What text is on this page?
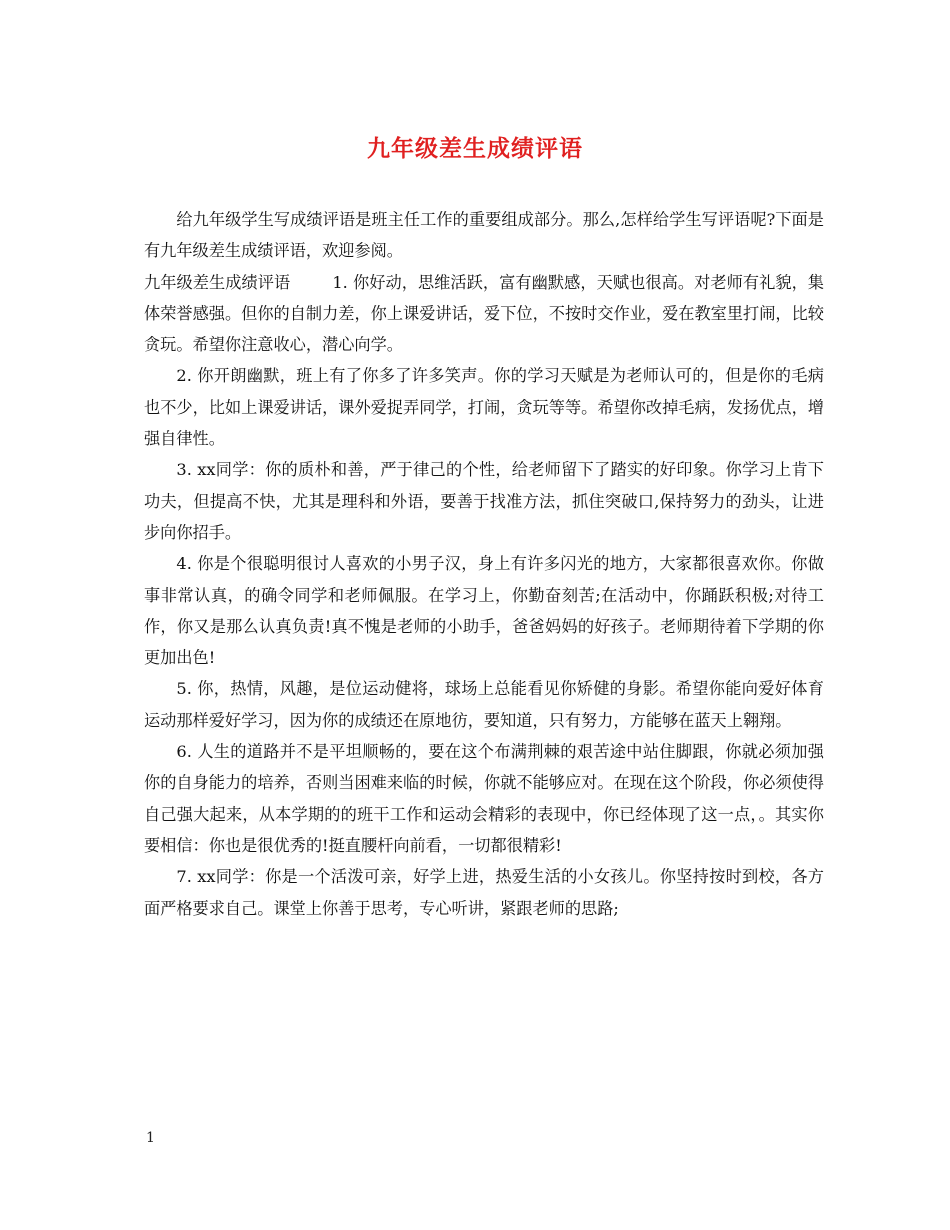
九年级差生成绩评语

给九年级学生写成绩评语是班主任工作的重要组成部分。那么,怎样给学生写评语呢?下面是有九年级差生成绩评语，欢迎参阅。

九年级差生成绩评语	1. 你好动，思维活跃，富有幽默感，天赋也很高。对老师有礼貌，集体荣誉感强。但你的自制力差，你上课爱讲话，爱下位，不按时交作业，爱在教室里打闹，比较贪玩。希望你注意收心，潜心向学。

2. 你开朗幽默，班上有了你多了许多笑声。你的学习天赋是为老师认可的，但是你的毛病也不少，比如上课爱讲话，课外爱捉弄同学，打闹，贪玩等等。希望你改掉毛病，发扬优点，增强自律性。

3. xx同学：你的质朴和善，严于律己的个性，给老师留下了踏实的好印象。你学习上肯下功夫，但提高不快，尤其是理科和外语，要善于找准方法，抓住突破口,保持努力的劲头，让进步向你招手。

4. 你是个很聪明很讨人喜欢的小男子汉，身上有许多闪光的地方，大家都很喜欢你。你做事非常认真，的确令同学和老师佩服。在学习上，你勤奋刻苦;在活动中，你踊跃积极;对待工作，你又是那么认真负责!真不愧是老师的小助手，爸爸妈妈的好孩子。老师期待着下学期的你更加出色!

5. 你，热情，风趣，是位运动健将，球场上总能看见你矫健的身影。希望你能向爱好体育运动那样爱好学习，因为你的成绩还在原地彷，要知道，只有努力，方能够在蓝天上翱翔。

6. 人生的道路并不是平坦顺畅的，要在这个布满荆棘的艰苦途中站住脚跟，你就必须加强你的自身能力的培养，否则当困难来临的时候，你就不能够应对。在现在这个阶段，你必须使得自己强大起来，从本学期的的班干工作和运动会精彩的表现中，你已经体现了这一点，。其实你要相信：你也是很优秀的!挺直腰杆向前看，一切都很精彩!

7. xx同学：你是一个活泼可亲，好学上进，热爱生活的小女孩儿。你坚持按时到校，各方面严格要求自己。课堂上你善于思考，专心听讲，紧跟老师的思路;

1
